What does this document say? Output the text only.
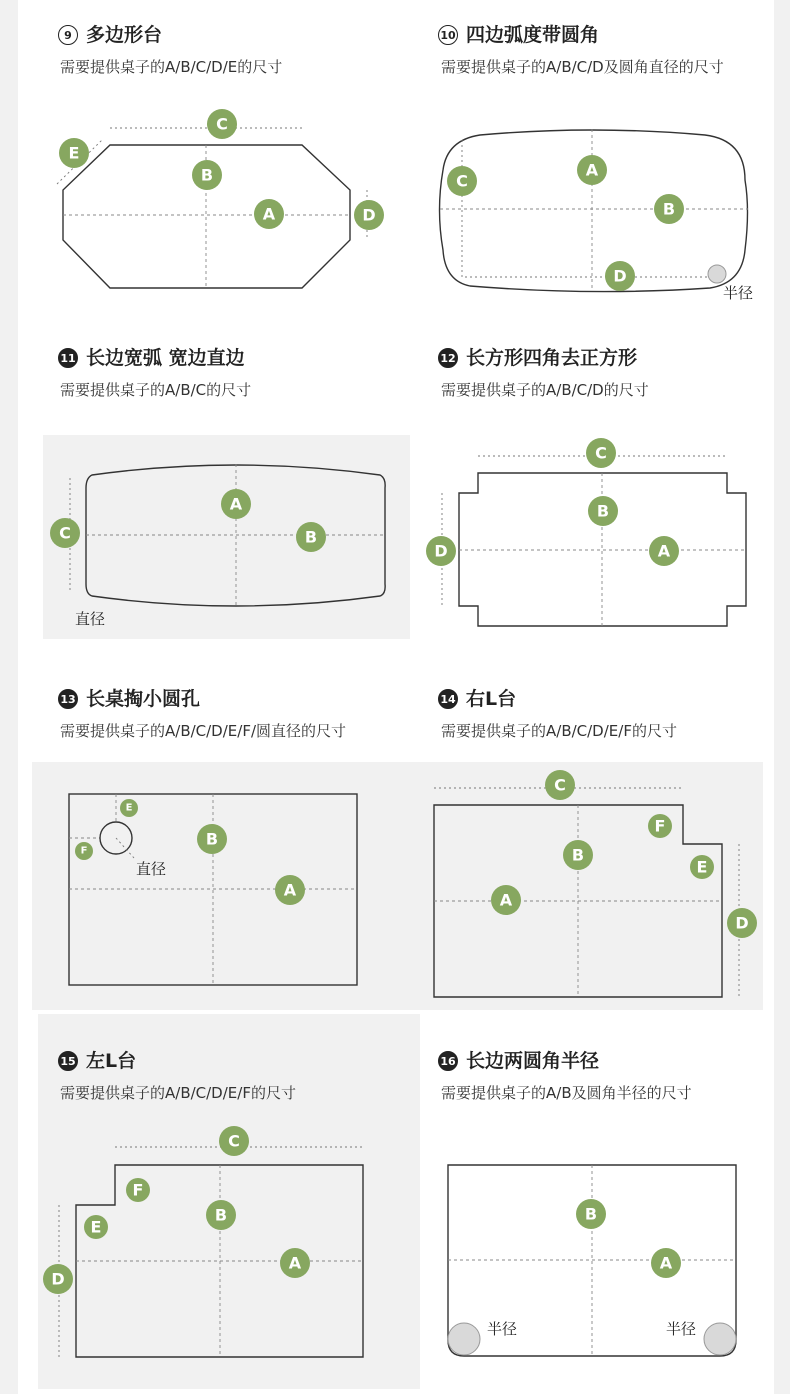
9 多边形台
需要提供桌子的A/B/C/D/E的尺寸
C
E
B
A	D
10 四边弧度带圆角
需要提供桌子的A/B/C/D及圆角直径的尺寸
半径
A
C
B
D
11 长边宽弧 宽边直边
需要提供桌子的A/B/C的尺寸
直径
A
C	B
12 长方形四角去正方形
需要提供桌子的A/B/C/D的尺寸
C
B
D	A
13 长桌掏小圆孔
需要提供桌子的A/B/C/D/E/F/圆直径的尺寸
直径
E
B
F
A
14 右L台
需要提供桌子的A/B/C/D/E/F的尺寸
C
F
B
E
A
D
15 左L台
需要提供桌子的A/B/C/D/E/F的尺寸
C
F
B
E
A
D
16 长边两圆角半径
需要提供桌子的A/B及圆角半径的尺寸
半径	半径
B
A
